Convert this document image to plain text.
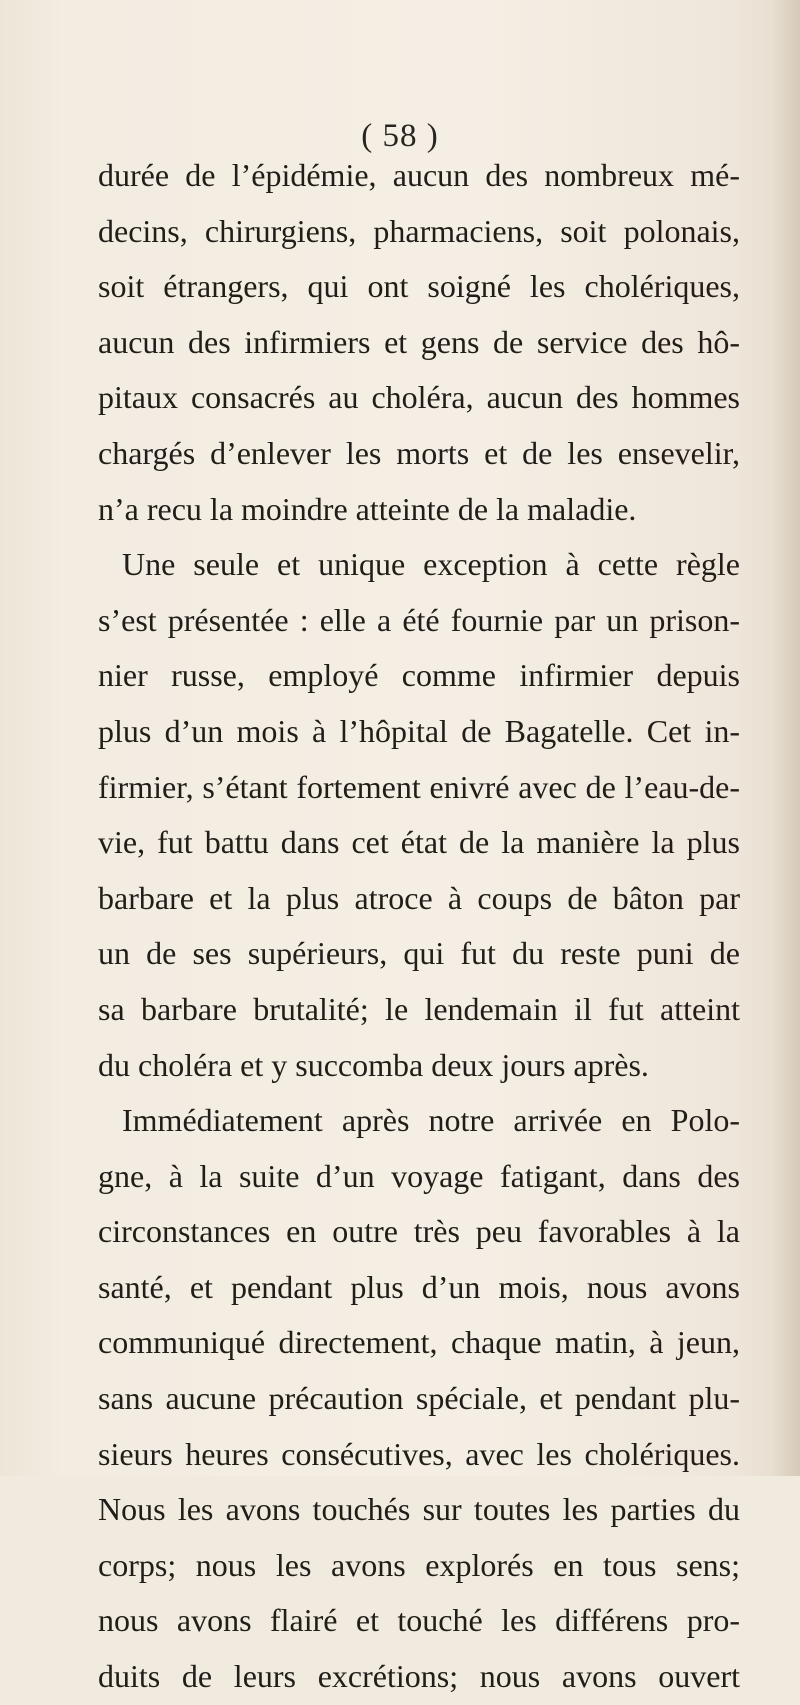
( 58 )
durée de l’épidémie, aucun des nombreux mé-
decins, chirurgiens, pharmaciens, soit polonais,
soit étrangers, qui ont soigné les cholériques,
aucun des infirmiers et gens de service des hô-
pitaux consacrés au choléra, aucun des hommes
chargés d’enlever les morts et de les ensevelir,
n’a recu la moindre atteinte de la maladie.
Une seule et unique exception à cette règle
s’est présentée : elle a été fournie par un prison-
nier russe, employé comme infirmier depuis
plus d’un mois à l’hôpital de Bagatelle. Cet in-
firmier, s’étant fortement enivré avec de l’eau-de-
vie, fut battu dans cet état de la manière la plus
barbare et la plus atroce à coups de bâton par
un de ses supérieurs, qui fut du reste puni de
sa barbare brutalité; le lendemain il fut atteint
du choléra et y succomba deux jours après.
Immédiatement après notre arrivée en Polo-
gne, à la suite d’un voyage fatigant, dans des
circonstances en outre très peu favorables à la
santé, et pendant plus d’un mois, nous avons
communiqué directement, chaque matin, à jeun,
sans aucune précaution spéciale, et pendant plu-
sieurs heures consécutives, avec les cholériques.
Nous les avons touchés sur toutes les parties du
corps; nous les avons explorés en tous sens;
nous avons flairé et touché les différens pro-
duits de leurs excrétions; nous avons ouvert
